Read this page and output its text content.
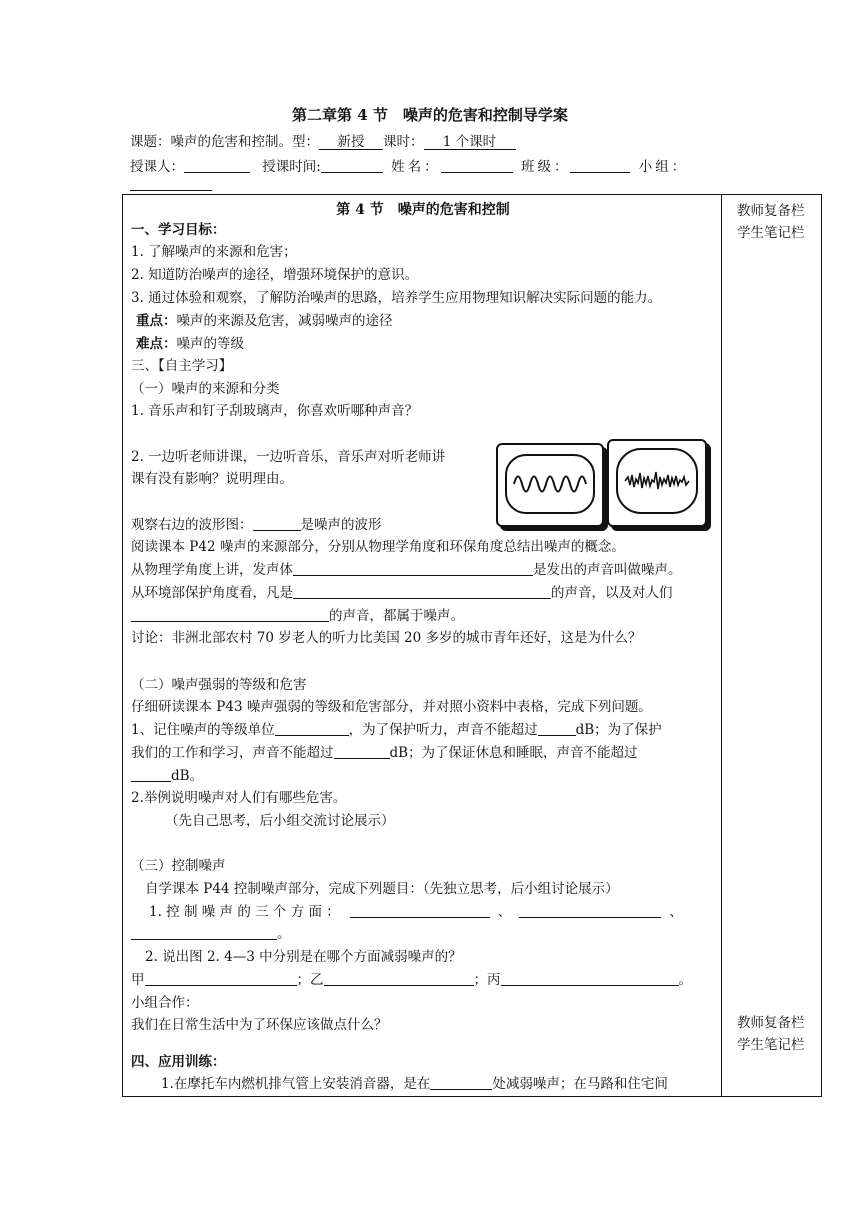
第二章第 4 节　噪声的危害和控制导学案
课题：噪声的危害和控制。型： 新授 课时： 1 个课时
授课人：	授课时间:	姓名：	班级：	小组：
第 4 节　噪声的危害和控制
一、学习目标：
1. 了解噪声的来源和危害；
2. 知道防治噪声的途径，增强环境保护的意识。
3. 通过体验和观察，了解防治噪声的思路，培养学生应用物理知识解决实际问题的能力。
重点：噪声的来源及危害，减弱噪声的途径
难点：噪声的等级
三、【自主学习】
（一）噪声的来源和分类
1. 音乐声和钉子刮玻璃声，你喜欢听哪种声音？
2. 一边听老师讲课，一边听音乐，音乐声对听老师讲
课有没有影响？说明理由。
观察右边的波形图：	是噪声的波形
阅读课本 P42 噪声的来源部分，分别从物理学角度和环保角度总结出噪声的概念。
从物理学角度上讲，发声体	是发出的声音叫做噪声。
从环境部保护角度看，凡是	的声音，以及对人们
的声音，都属于噪声。
讨论：非洲北部农村 70 岁老人的听力比美国 20 多岁的城市青年还好，这是为什么？
（二）噪声强弱的等级和危害
仔细研读课本 P43 噪声强弱的等级和危害部分，并对照小资料中表格，完成下列问题。
1、记住噪声的等级单位	，为了保护听力，声音不能超过	dB；为了保护
我们的工作和学习，声音不能超过	dB；为了保证休息和睡眠，声音不能超过
dB。
2.举例说明噪声对人们有哪些危害。
（先自己思考，后小组交流讨论展示）
（三）控制噪声
自学课本 P44 控制噪声部分，完成下列题目：（先独立思考，后小组讨论展示）
1. 控 制 噪 声 的 三 个 方 面 ：	、	、
。
2. 说出图 2. 4—3 中分别是在哪个方面减弱噪声的？
甲	；乙	；丙	。
小组合作：
我们在日常生活中为了环保应该做点什么？
四、应用训练：
1.在摩托车内燃机排气管上安装消音器，是在	处减弱噪声；在马路和住宅间
教师复备栏
学生笔记栏
教师复备栏
学生笔记栏
